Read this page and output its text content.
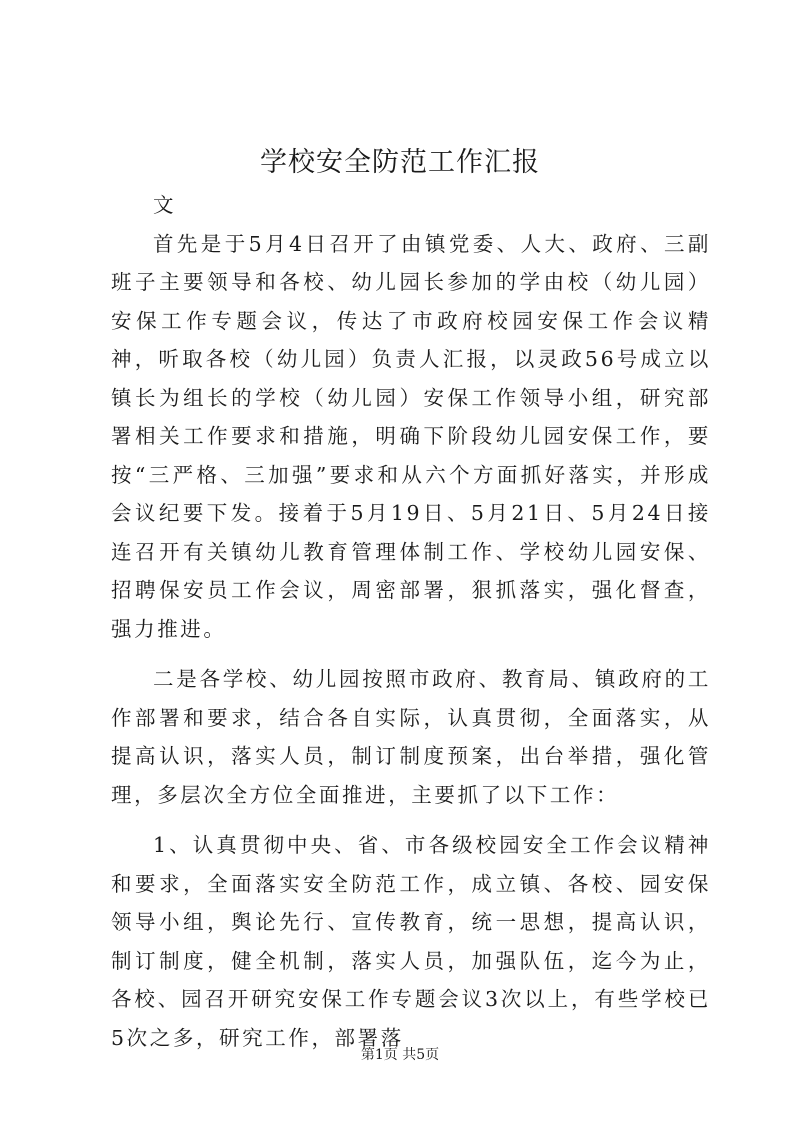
学校安全防范工作汇报

文

首先是于5月4日召开了由镇党委、人大、政府、三副班子主要领导和各校、幼儿园长参加的学由校（幼儿园）安保工作专题会议，传达了市政府校园安保工作会议精神，听取各校（幼儿园）负责人汇报，以灵政56号成立以镇长为组长的学校（幼儿园）安保工作领导小组，研究部署相关工作要求和措施，明确下阶段幼儿园安保工作，要按“三严格、三加强”要求和从六个方面抓好落实，并形成会议纪要下发。接着于5月19日、5月21日、5月24日接连召开有关镇幼儿教育管理体制工作、学校幼儿园安保、招聘保安员工作会议，周密部署，狠抓落实，强化督查，强力推进。

二是各学校、幼儿园按照市政府、教育局、镇政府的工作部署和要求，结合各自实际，认真贯彻，全面落实，从提高认识，落实人员，制订制度预案，出台举措，强化管理，多层次全方位全面推进，主要抓了以下工作：

1、认真贯彻中央、省、市各级校园安全工作会议精神和要求，全面落实安全防范工作，成立镇、各校、园安保领导小组，舆论先行、宣传教育，统一思想，提高认识，制订制度，健全机制，落实人员，加强队伍，迄今为止，各校、园召开研究安保工作专题会议3次以上，有些学校已5次之多，研究工作，部署落

第1页 共5页
